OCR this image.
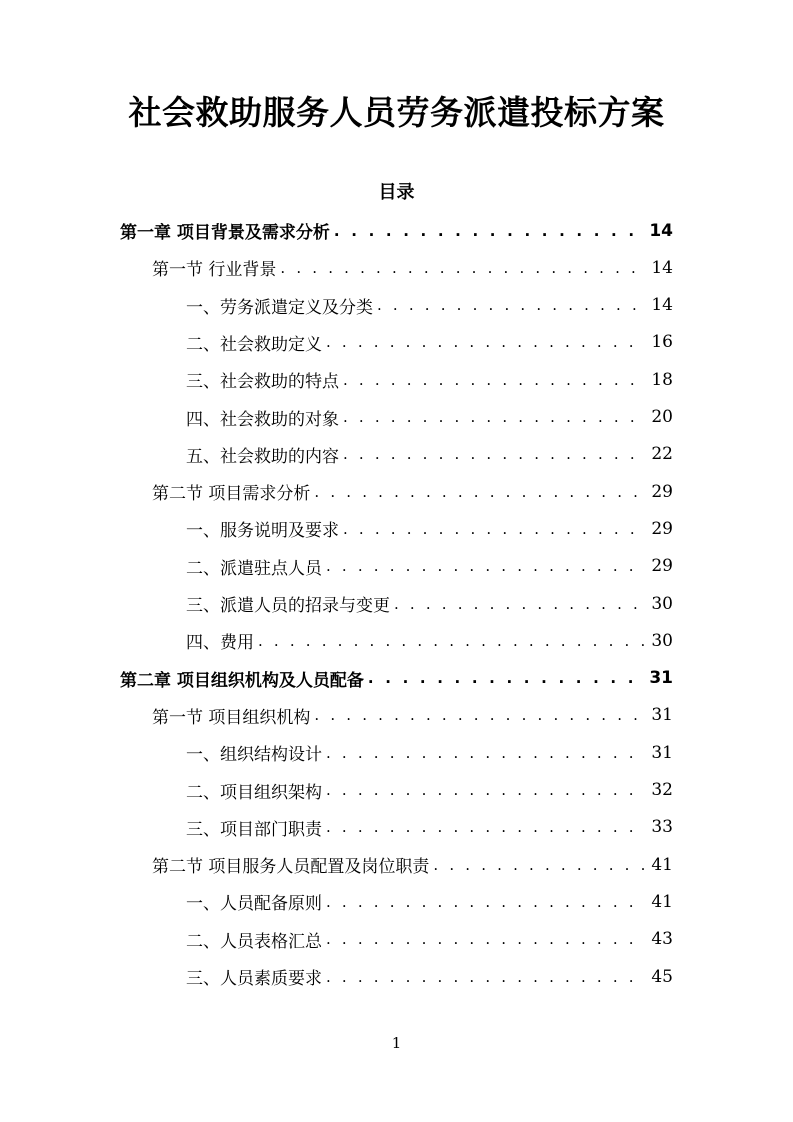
社会救助服务人员劳务派遣投标方案
目录
第一章 项目背景及需求分析 . . .	14
第一节 行业背景 . . .	14
一、劳务派遣定义及分类 . . .	14
二、社会救助定义 . . .	16
三、社会救助的特点 . . .	18
四、社会救助的对象 . . .	20
五、社会救助的内容 . . .	22
第二节 项目需求分析 . . .	29
一、服务说明及要求 . . .	29
二、派遣驻点人员 . . .	29
三、派遣人员的招录与变更 . . .	30
四、费用 . . .	30
第二章 项目组织机构及人员配备 . . .	31
第一节 项目组织机构 . . .	31
一、组织结构设计 . . .	31
二、项目组织架构 . . .	32
三、项目部门职责 . . .	33
第二节 项目服务人员配置及岗位职责 . . .	41
一、人员配备原则 . . .	41
二、人员表格汇总 . . .	43
三、人员素质要求 . . .	45
1
